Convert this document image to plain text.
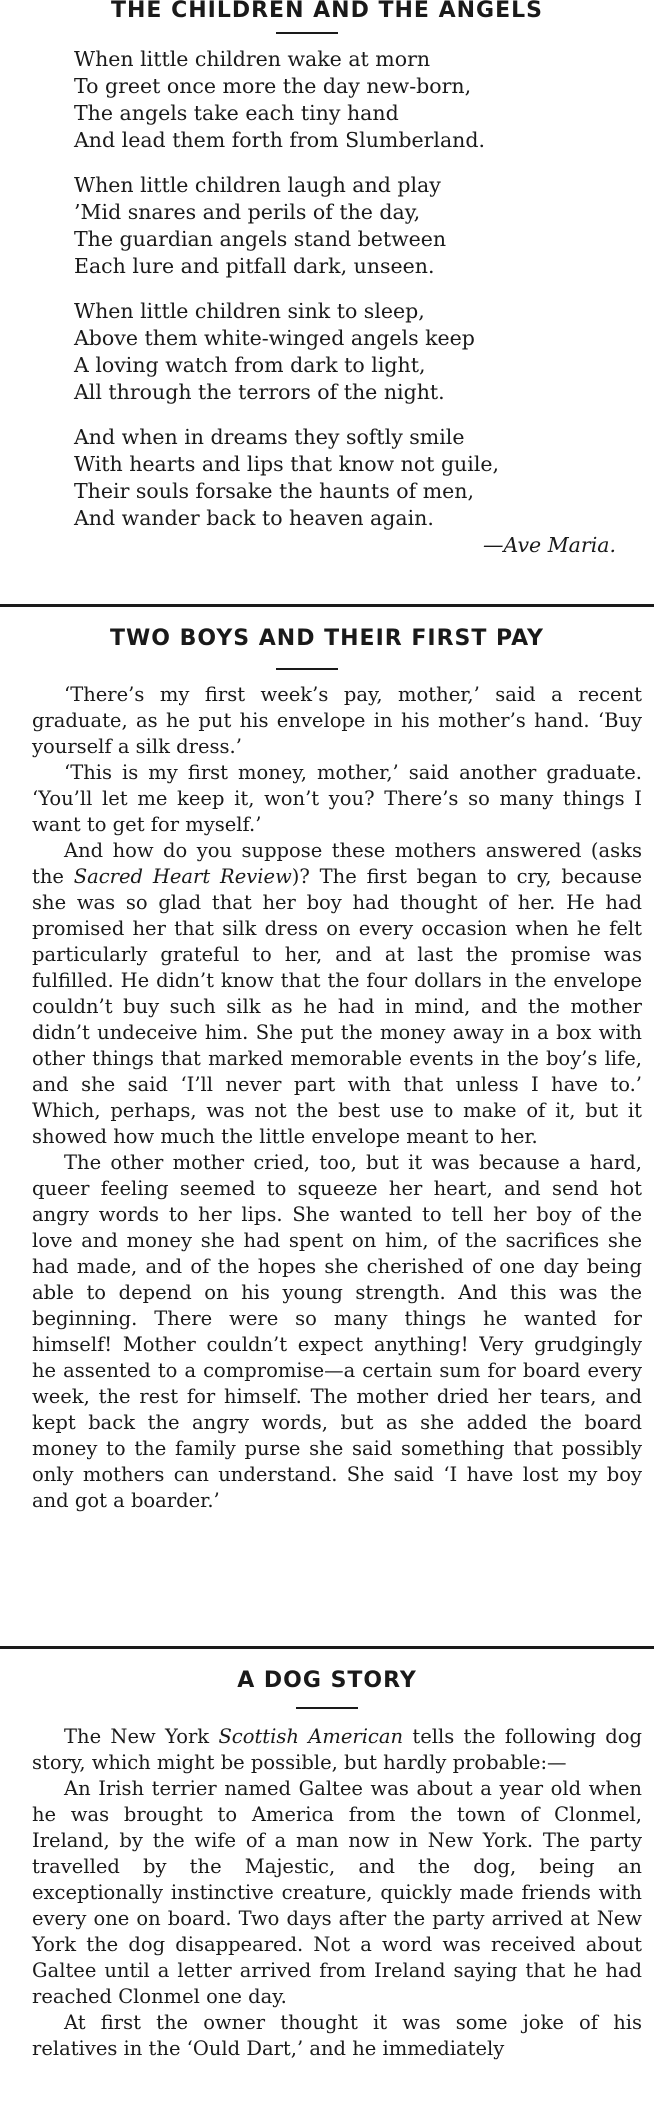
THE CHILDREN AND THE ANGELS
When little children wake at morn
To greet once more the day new-born,
The angels take each tiny hand
And lead them forth from Slumberland.
When little children laugh and play
’Mid snares and perils of the day,
The guardian angels stand between
Each lure and pitfall dark, unseen.
When little children sink to sleep,
Above them white-winged angels keep
A loving watch from dark to light,
All through the terrors of the night.
And when in dreams they softly smile
With hearts and lips that know not guile,
Their souls forsake the haunts of men,
And wander back to heaven again.
—Ave Maria.
TWO BOYS AND THEIR FIRST PAY

‘There’s my first week’s pay, mother,’ said a recent graduate, as he put his envelope in his mother’s hand. ‘Buy yourself a silk dress.’

‘This is my first money, mother,’ said another graduate. ‘You’ll let me keep it, won’t you? There’s so many things I want to get for myself.’

And how do you suppose these mothers answered (asks the Sacred Heart Review)? The first began to cry, because she was so glad that her boy had thought of her. He had promised her that silk dress on every occasion when he felt particularly grateful to her, and at last the promise was fulfilled. He didn’t know that the four dollars in the envelope couldn’t buy such silk as he had in mind, and the mother didn’t undeceive him. She put the money away in a box with other things that marked memorable events in the boy’s life, and she said ‘I’ll never part with that unless I have to.’ Which, perhaps, was not the best use to make of it, but it showed how much the little envelope meant to her.

The other mother cried, too, but it was because a hard, queer feeling seemed to squeeze her heart, and send hot angry words to her lips. She wanted to tell her boy of the love and money she had spent on him, of the sacrifices she had made, and of the hopes she cherished of one day being able to depend on his young strength. And this was the beginning. There were so many things he wanted for himself! Mother couldn’t expect anything! Very grudgingly he assented to a compromise—a certain sum for board every week, the rest for himself. The mother dried her tears, and kept back the angry words, but as she added the board money to the family purse she said something that possibly only mothers can understand. She said ‘I have lost my boy and got a boarder.’

A DOG STORY

The New York Scottish American tells the following dog story, which might be possible, but hardly probable:—

An Irish terrier named Galtee was about a year old when he was brought to America from the town of Clonmel, Ireland, by the wife of a man now in New York. The party travelled by the Majestic, and the dog, being an exceptionally instinctive creature, quickly made friends with every one on board. Two days after the party arrived at New York the dog disappeared. Not a word was received about Galtee until a letter arrived from Ireland saying that he had reached Clonmel one day.

At first the owner thought it was some joke of his relatives in the ‘Ould Dart,’ and he immediately
